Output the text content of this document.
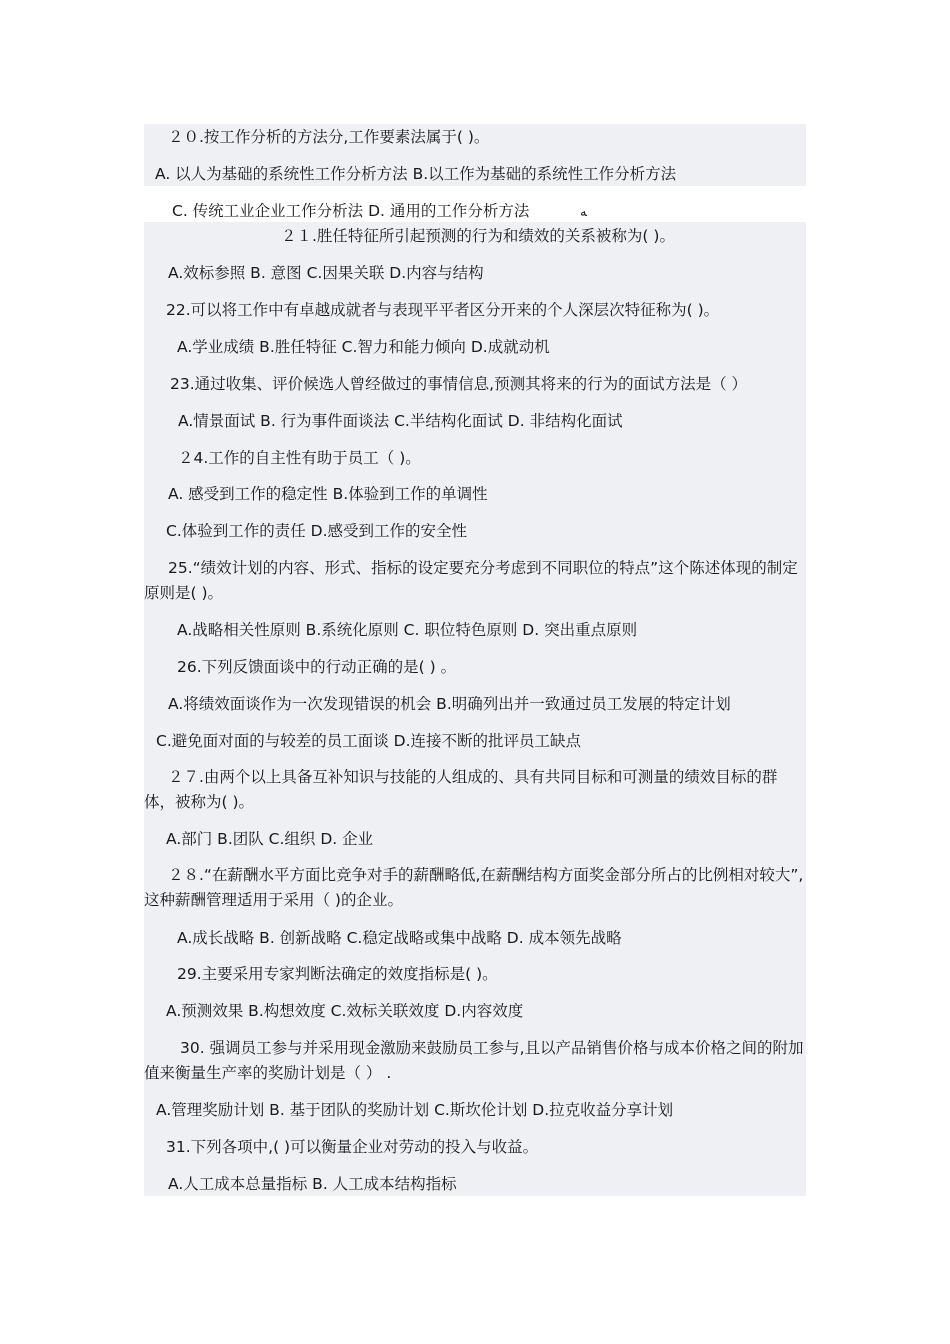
２０.按工作分析的方法分,工作要素法属于( )。
A. 以人为基础的系统性工作分析方法 B.以工作为基础的系统性工作分析方法
C. 传统工业企业工作分析法 D. 通用的工作分析方法	ﻪ
２１.胜任特征所引起预测的行为和绩效的关系被称为( )。
A.效标参照 B. 意图 C.因果关联 D.内容与结构
22.可以将工作中有卓越成就者与表现平平者区分开来的个人深层次特征称为( )。
A.学业成绩 B.胜任特征 C.智力和能力倾向 D.成就动机
23.通过收集、评价候选人曾经做过的事情信息,预测其将来的行为的面试方法是（ ）
A.情景面试 B. 行为事件面谈法 C.半结构化面试 D. 非结构化面试
２4.工作的自主性有助于员工（ )。
A. 感受到工作的稳定性 B.体验到工作的单调性
C.体验到工作的责任 D.感受到工作的安全性
25.“绩效计划的内容、形式、指标的设定要充分考虑到不同职位的特点”这个陈述体现的制定原则是( )。
A.战略相关性原则 B.系统化原则 C. 职位特色原则 D. 突出重点原则
26.下列反馈面谈中的行动正确的是( ) 。
A.将绩效面谈作为一次发现错误的机会 B.明确列出并一致通过员工发展的特定计划
C.避免面对面的与较差的员工面谈 D.连接不断的批评员工缺点
２７.由两个以上具备互补知识与技能的人组成的、具有共同目标和可测量的绩效目标的群体，被称为( )。
A.部门 B.团队 C.组织 D. 企业
２８.“在薪酬水平方面比竞争对手的薪酬略低,在薪酬结构方面奖金部分所占的比例相对较大”,这种薪酬管理适用于采用（ )的企业。
A.成长战略 B. 创新战略 C.稳定战略或集中战略 D. 成本领先战略
29.主要采用专家判断法确定的效度指标是( )。
A.预测效果 B.构想效度 C.效标关联效度 D.内容效度
30. 强调员工参与并采用现金激励来鼓励员工参与,且以产品销售价格与成本价格之间的附加值来衡量生产率的奖励计划是（ ） .
A.管理奖励计划 B. 基于团队的奖励计划 C.斯坎伦计划 D.拉克收益分享计划
31.下列各项中,( )可以衡量企业对劳动的投入与收益。
A.人工成本总量指标 B. 人工成本结构指标
